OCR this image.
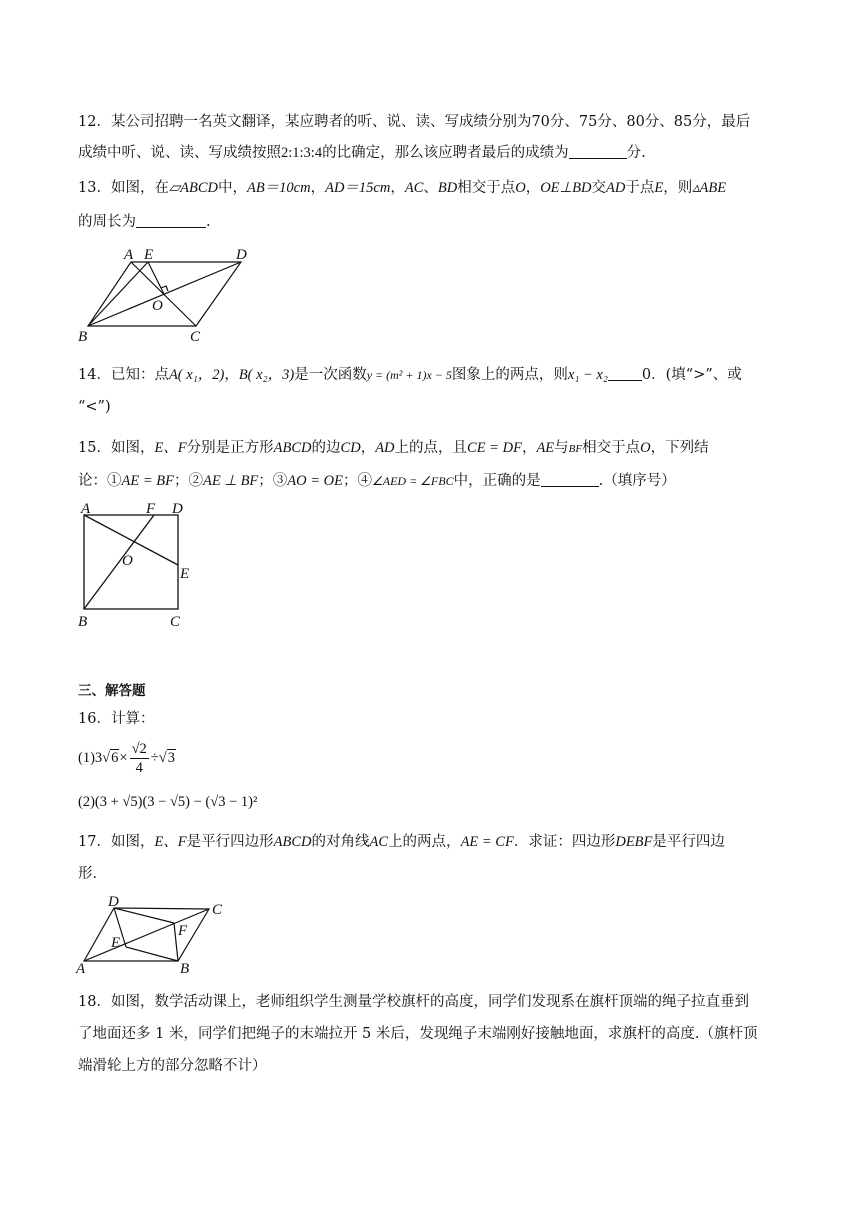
12．某公司招聘一名英文翻译，某应聘者的听、说、读、写成绩分别为70分、75分、80分、85分，最后
成绩中听、说、读、写成绩按照2:1:3:4的比确定，那么该应聘者最后的成绩为	分.
13．如图，在▱ABCD中，AB＝10cm，AD＝15cm，AC、BD相交于点O，OE⊥BD交AD于点E，则▵ABE
的周长为	.
A E	D
O
B	C
14．已知：点A( x₁，2)，B( x₂，3)是一次函数y = (m² + 1)x − 5图象上的两点，则x₁ − x₂ 0．(填“>”、或
“<”)
15．如图，E、F分别是正方形ABCD的边CD，AD上的点，且CE = DF，AE与BF相交于点O，下列结
论：①AE = BF；②AE ⊥ BF；③AO = OE；④∠AED = ∠FBC中，正确的是	.（填序号）
A	F D
O
E
B	C
三、解答题
16．计算：
$(1)3√6\times \frac{√2}{4} \div√3$
(2)(3 + √5)(3 − √5) − (√3 − 1)²
17．如图，E、F是平行四边形ABCD的对角线AC上的两点，AE = CF．求证：四边形DEBF是平行四边
形．
D	C
E
F
A	B
18．如图，数学活动课上，老师组织学生测量学校旗杆的高度，同学们发现系在旗杆顶端的绳子拉直垂到
了地面还多 1 米，同学们把绳子的末端拉开 5 米后，发现绳子末端刚好接触地面，求旗杆的高度.（旗杆顶
端滑轮上方的部分忽略不计）
